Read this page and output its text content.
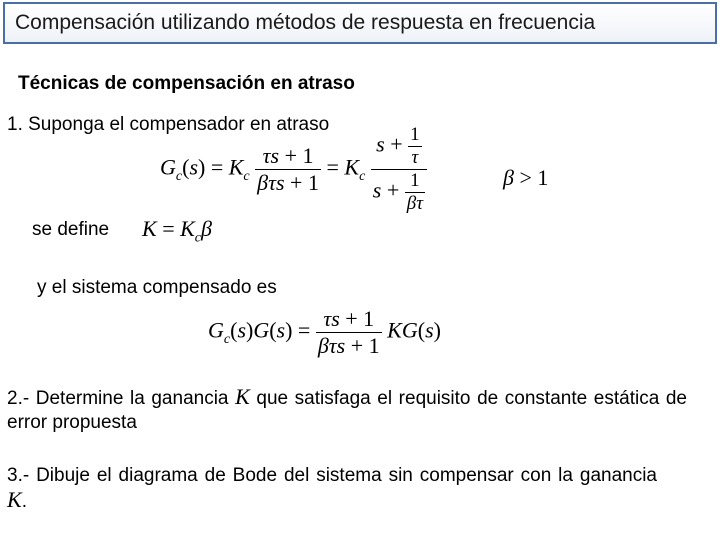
Compensación utilizando métodos de respuesta en frecuencia
Técnicas de compensación en atraso
1. Suponga el compensador en atraso
$G_c(s) = K_c \frac{\tau s + 1}{\text{βτs + 1}} = K_c \frac{s + \frac{1}{\tau}}{s + \frac{1}{\beta\tau}}$	β > 1
se define $K = K_c\beta$
y el sistema compensado es
$G_c(s)G(s) = \frac{\tau s + 1}{\text{βτs + 1}} KG(s)$
2.- Determine la ganancia K que satisfaga el requisito de constante estática de error propuesta
3.- Dibuje el diagrama de Bode del sistema sin compensar con la ganancia K.
